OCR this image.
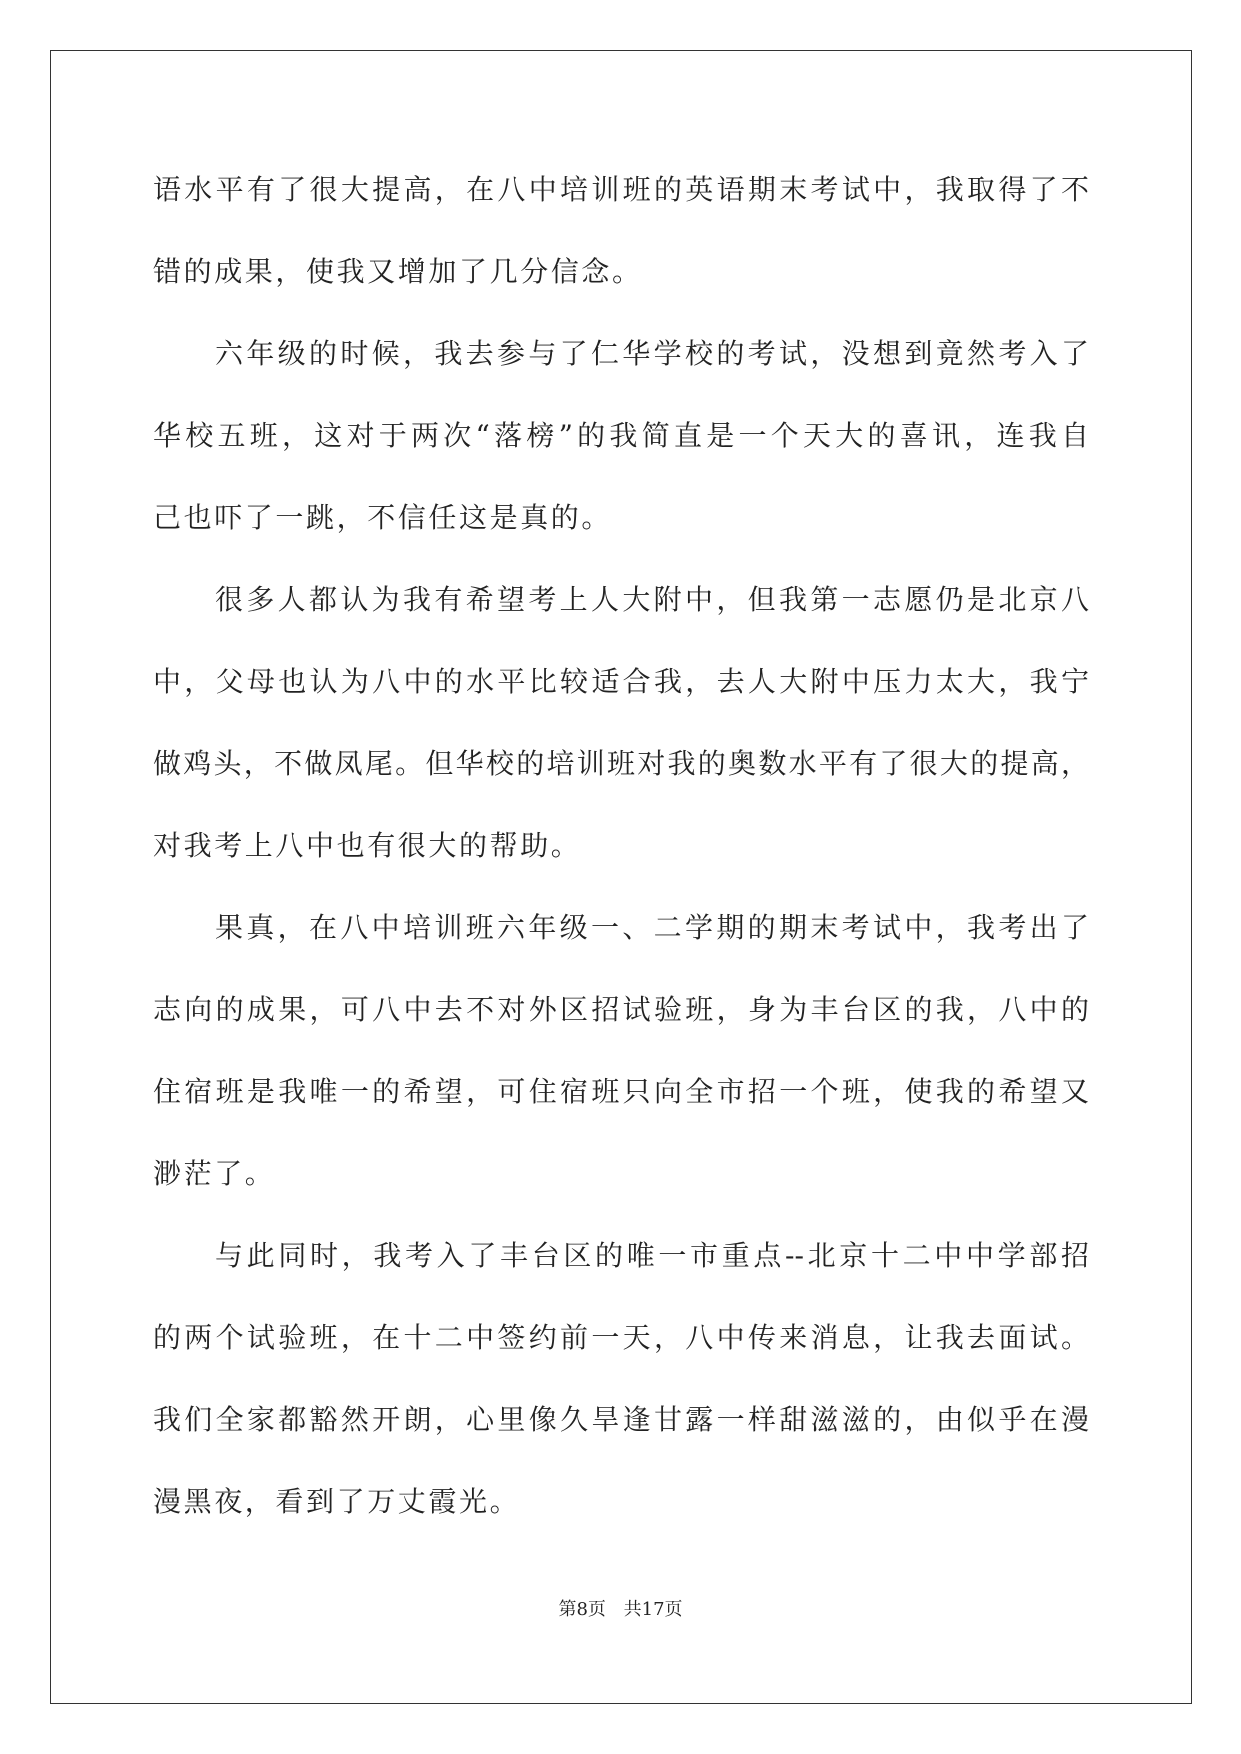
语水平有了很大提高，在八中培训班的英语期末考试中，我取得了不
错的成果，使我又增加了几分信念。
六年级的时候，我去参与了仁华学校的考试，没想到竟然考入了
华校五班，这对于两次“落榜”的我简直是一个天大的喜讯，连我自
己也吓了一跳，不信任这是真的。
很多人都认为我有希望考上人大附中，但我第一志愿仍是北京八
中，父母也认为八中的水平比较适合我，去人大附中压力太大，我宁
做鸡头，不做凤尾。但华校的培训班对我的奥数水平有了很大的提高，
对我考上八中也有很大的帮助。
果真，在八中培训班六年级一、二学期的期末考试中，我考出了
志向的成果，可八中去不对外区招试验班，身为丰台区的我，八中的
住宿班是我唯一的希望，可住宿班只向全市招一个班，使我的希望又
渺茫了。
与此同时，我考入了丰台区的唯一市重点--北京十二中中学部招
的两个试验班，在十二中签约前一天，八中传来消息，让我去面试。
我们全家都豁然开朗，心里像久旱逢甘露一样甜滋滋的，由似乎在漫
漫黑夜，看到了万丈霞光。
第8页 共17页
